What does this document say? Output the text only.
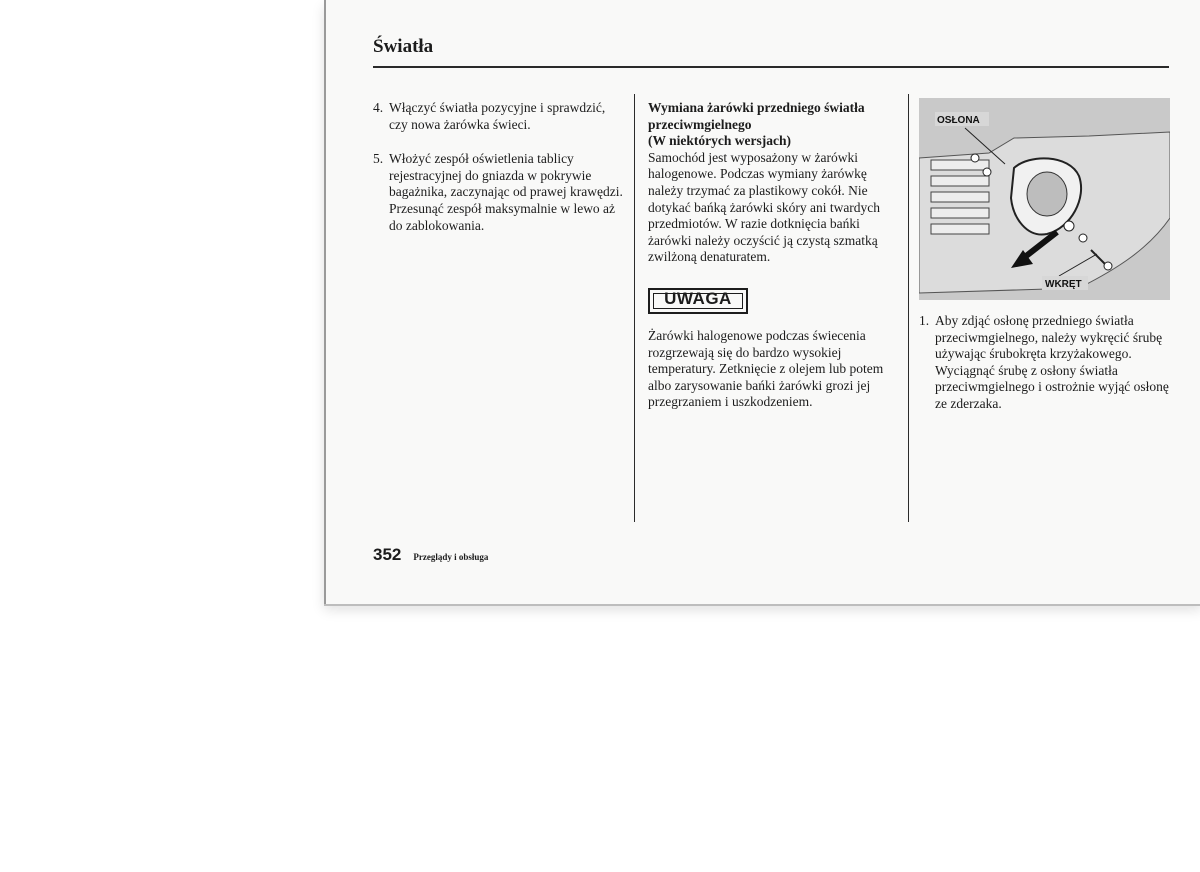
Światła

4. Włączyć światła pozycyjne i sprawdzić, czy nowa żarówka świeci.

5. Włożyć zespół oświetlenia tablicy rejestracyjnej do gniazda w pokrywie bagażnika, zaczynając od prawej krawędzi. Przesunąć zespół maksymalnie w lewo aż do zablokowania.

Wymiana żarówki przedniego światła przeciwmgielnego
(W niektórych wersjach)
Samochód jest wyposażony w żarówki halogenowe. Podczas wymiany żarówkę należy trzymać za plastikowy cokół. Nie dotykać bańką żarówki skóry ani twardych przedmiotów. W razie dotknięcia bańki żarówki należy oczyścić ją czystą szmatką zwilżoną denaturatem.
UWAGA
Żarówki halogenowe podczas świecenia rozgrzewają się do bardzo wysokiej temperatury. Zetknięcie z olejem lub potem albo zarysowanie bańki żarówki grozi jej przegrzaniem i uszkodzeniem.
OSŁONA
WKRĘT

1. Aby zdjąć osłonę przedniego światła przeciwmgielnego, należy wykręcić śrubę używając śrubokręta krzyżakowego. Wyciągnąć śrubę z osłony światła przeciwmgielnego i ostrożnie wyjąć osłonę ze zderzaka.

352 Przeglądy i obsługa
